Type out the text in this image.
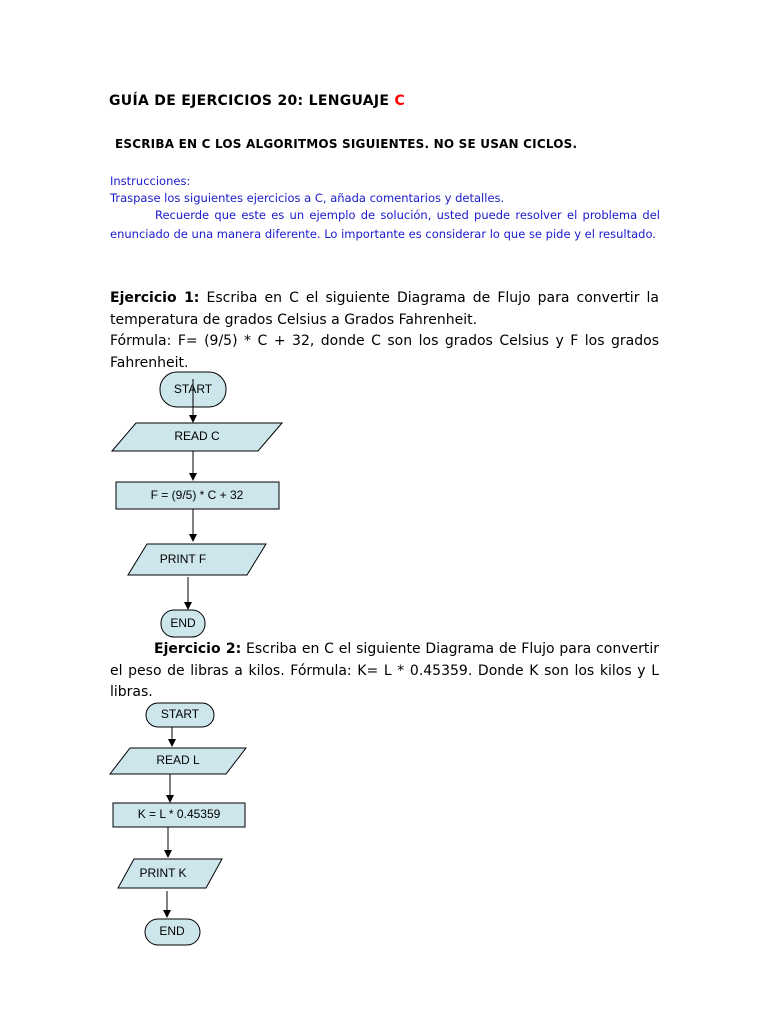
GUÍA DE EJERCICIOS 20: LENGUAJE C
ESCRIBA EN C LOS ALGORITMOS SIGUIENTES. NO SE USAN CICLOS.
Instrucciones:
Traspase los siguientes ejercicios a C, añada comentarios y detalles.
Recuerde que este es un ejemplo de solución, usted puede resolver el problema del enunciado de una manera diferente. Lo importante es considerar lo que se pide y el resultado.

Ejercicio 1: Escriba en C el siguiente Diagrama de Flujo para convertir la temperatura de grados Celsius a Grados Fahrenheit.

Fórmula: F= (9/5) * C + 32, donde C son los grados Celsius y F los grados Fahrenheit.

Ejercicio 2: Escriba en C el siguiente Diagrama de Flujo para convertir el peso de libras a kilos. Fórmula: K= L * 0.45359. Donde K son los kilos y L libras.

START
READ C
F = (9/5) * C + 32
PRINT F
END
START
READ L
K = L * 0.45359
PRINT K
END
